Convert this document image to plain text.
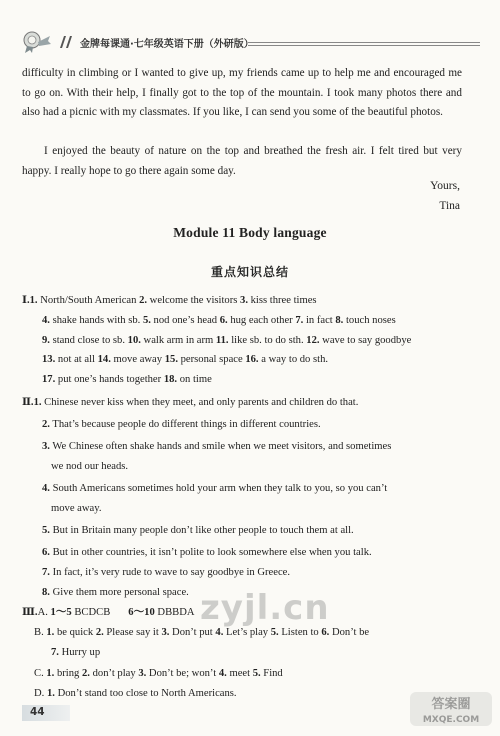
金牌每课通·七年级英语下册（外研版）

difficulty in climbing or I wanted to give up, my friends came up to help me and encouraged me to go on. With their help, I finally got to the top of the mountain. I took many photos there and also had a picnic with my classmates. If you like, I can send you some of the beautiful photos.

I enjoyed the beauty of nature on the top and breathed the fresh air. I felt tired but very happy. I really hope to go there again some day.

Yours,
Tina
Module 11 Body language
重点知识总结
Ⅰ.1. North/South American 2. welcome the visitors 3. kiss three times
4. shake hands with sb. 5. nod one’s head 6. hug each other 7. in fact 8. touch noses
9. stand close to sb. 10. walk arm in arm 11. like sb. to do sth. 12. wave to say goodbye
13. not at all 14. move away 15. personal space 16. a way to do sth.
17. put one’s hands together 18. on time
Ⅱ.1. Chinese never kiss when they meet, and only parents and children do that.
2. That’s because people do different things in different countries.
3. We Chinese often shake hands and smile when we meet visitors, and sometimes
we nod our heads.
4. South Americans sometimes hold your arm when they talk to you, so you can’t
move away.
5. But in Britain many people don’t like other people to touch them at all.
6. But in other countries, it isn’t polite to look somewhere else when you talk.
7. In fact, it’s very rude to wave to say goodbye in Greece.
8. Give them more personal space.
Ⅲ.A. 1～5 BCDCB 6～10 DBBDA
B. 1. be quick 2. Please say it 3. Don’t put 4. Let’s play 5. Listen to 6. Don’t be
7. Hurry up
C. 1. bring 2. don’t play 3. Don’t be; won’t 4. meet 5. Find
D. 1. Don’t stand too close to North Americans.
zyjl.cn
答案圈
MXQE.COM
44
